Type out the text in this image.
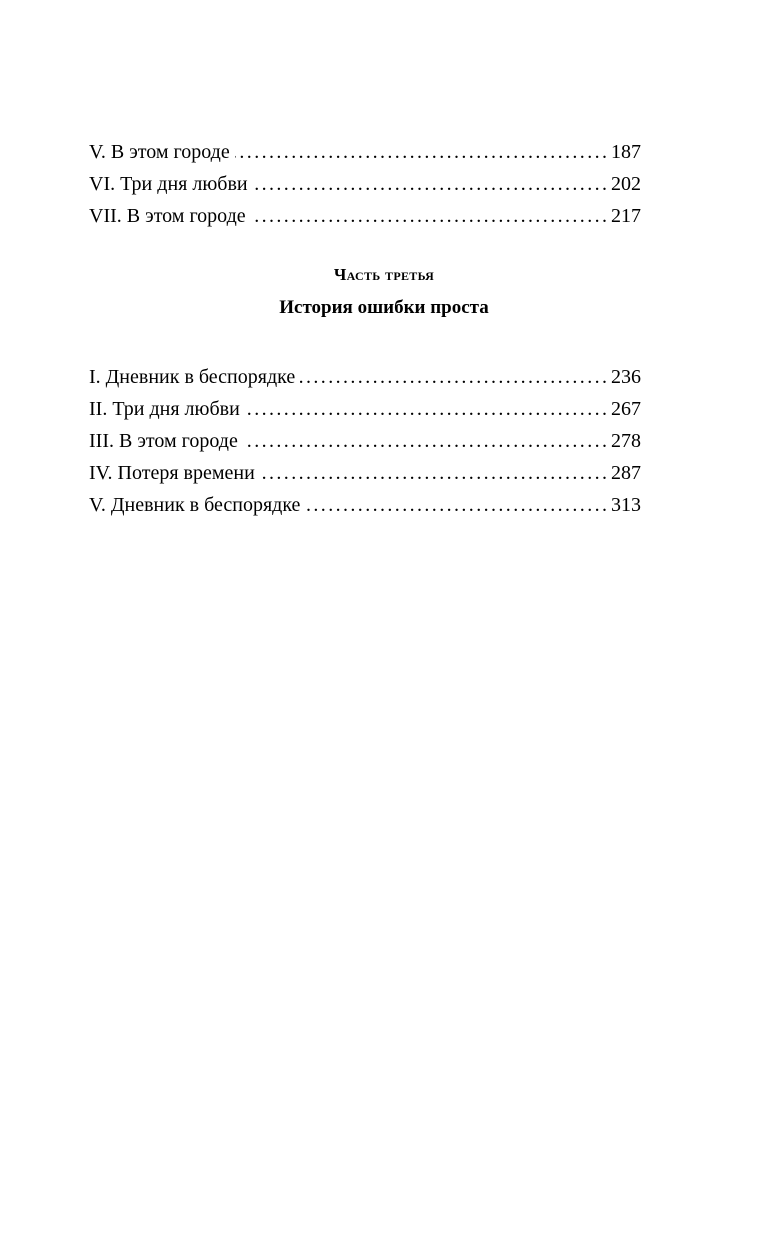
V. В этом городе . . .	187
VI. Три дня любви . . .	202
VII. В этом городе . . .	217
Часть третья
История ошибки проста
I. Дневник в беспорядке . . .	236
II. Три дня любви . . .	267
III. В этом городе . . .	278
IV. Потеря времени . . .	287
V. Дневник в беспорядке . . .	313
